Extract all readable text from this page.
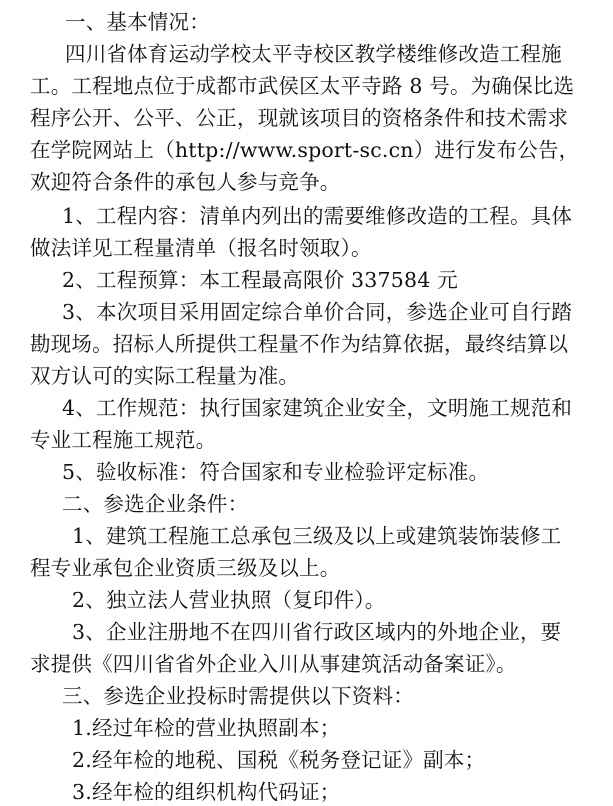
一、基本情况：
四川省体育运动学校太平寺校区教学楼维修改造工程施
工。工程地点位于成都市武侯区太平寺路 8 号。为确保比选
程序公开、公平、公正，现就该项目的资格条件和技术需求
在学院网站上（http://www.sport-sc.cn）进行发布公告，
欢迎符合条件的承包人参与竞争。
1、工程内容：清单内列出的需要维修改造的工程。具体
做法详见工程量清单（报名时领取）。
2、工程预算：本工程最高限价 337584 元
3、本次项目采用固定综合单价合同，参选企业可自行踏
勘现场。招标人所提供工程量不作为结算依据，最终结算以
双方认可的实际工程量为准。
4、工作规范：执行国家建筑企业安全，文明施工规范和
专业工程施工规范。
5、验收标准：符合国家和专业检验评定标准。
二、参选企业条件：
1、建筑工程施工总承包三级及以上或建筑装饰装修工
程专业承包企业资质三级及以上。
2、独立法人营业执照（复印件）。
3、企业注册地不在四川省行政区域内的外地企业，要
求提供《四川省省外企业入川从事建筑活动备案证》。
三、参选企业投标时需提供以下资料：
1.经过年检的营业执照副本；
2.经年检的地税、国税《税务登记证》副本；
3.经年检的组织机构代码证；
